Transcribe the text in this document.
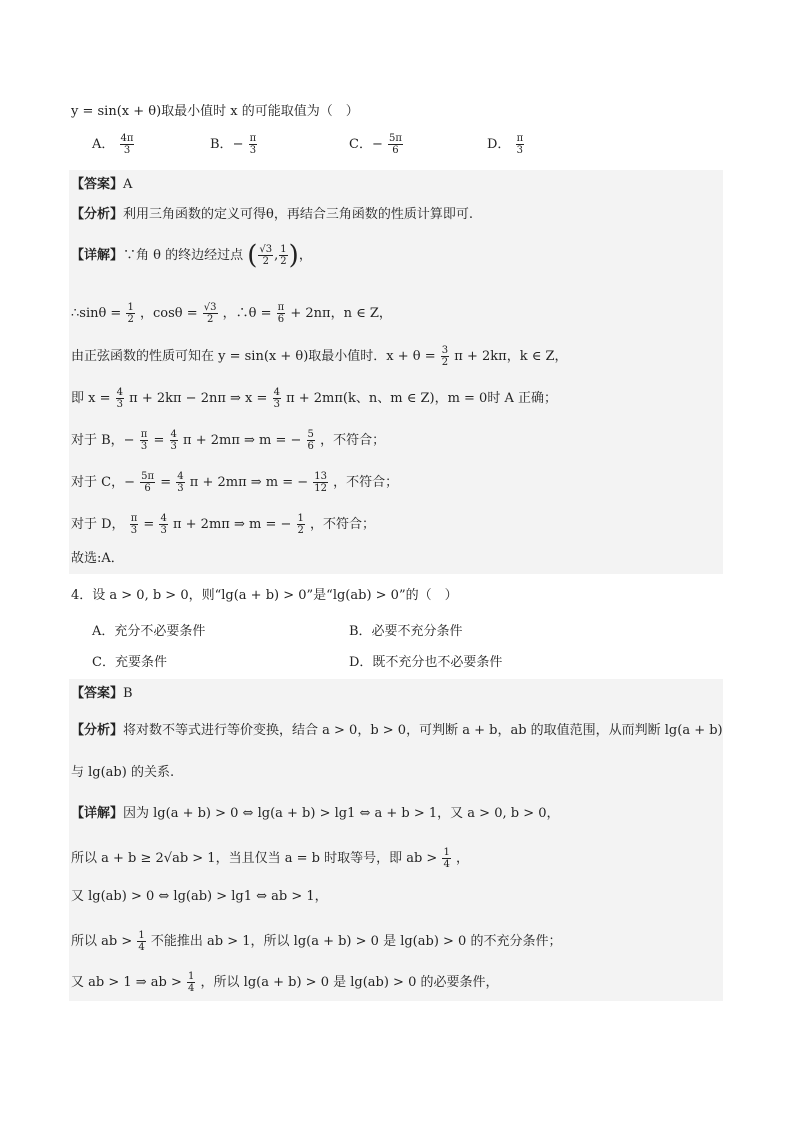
y = sin(x + θ)取最小值时 x 的可能取值为（　）
A． $\frac{4\pi}{3}$	B．− $\frac{\pi}{3}$	C．− $\frac{5\pi}{6}$	D． $\frac{\pi}{3}$
【答案】A
【分析】利用三角函数的定义可得θ，再结合三角函数的性质计算即可.
【详解】∵角 θ 的终边经过点 ( $\frac{√3}{2}$ , $\frac{1}{2}$ )，
∴sinθ = $\frac{1}{2}$ ，$\cos\theta = \frac{√3}{2}$ ，∴θ = $\frac{\pi}{6} + 2n\pi$，n ∈ Z，
由正弦函数的性质可知在 y = sin(x + θ)取最小值时．$x + \theta = \frac{3}{2}$ π + 2kπ，k ∈ Z，
即 $x = \frac{4}{3}$ π + 2kπ − 2nπ ⇒ $x = \frac{4}{3}$ π + 2mπ(k、n、m ∈ Z)，m = 0时 A 正确；
对于 B，− $\frac{\pi}{3} = \frac{4}{3}$ π + 2mπ ⇒ m = − $\frac{5}{6}$ ，不符合；
对于 C，− $\frac{5\pi}{6} = \frac{4}{3}$ π + 2mπ ⇒ m = − $\frac{13}{12}$ ，不符合；
对于 D， $\frac{\pi}{3} = \frac{4}{3}$ π + 2mπ ⇒ m = − $\frac{1}{2}$ ，不符合；
故选:A．
4．设 a > 0, b > 0，则“lg(a + b) > 0”是“lg(ab) > 0”的（　）
A．充分不必要条件	B．必要不充分条件
C．充要条件	D．既不充分也不必要条件
【答案】B
【分析】将对数不等式进行等价变换，结合 a > 0，b > 0，可判断 a + b，ab 的取值范围，从而判断 lg(a + b)
与 lg(ab) 的关系.
【详解】因为 lg(a + b) > 0 ⇔ lg(a + b) > lg1 ⇔ a + b > 1，又 a > 0, b > 0，
所以 a + b ≥ 2√ab > 1，当且仅当 a = b 时取等号，即 ab > $\frac{1}{4}$ ，
又 lg(ab) > 0 ⇔ lg(ab) > lg1 ⇔ ab > 1，
所以 ab > $\frac{1}{4}$ 不能推出 ab > 1，所以 lg(a + b) > 0 是 lg(ab) > 0 的不充分条件；
又 ab > 1 ⇒ ab > $\frac{1}{4}$ ，所以 lg(a + b) > 0 是 lg(ab) > 0 的必要条件，
